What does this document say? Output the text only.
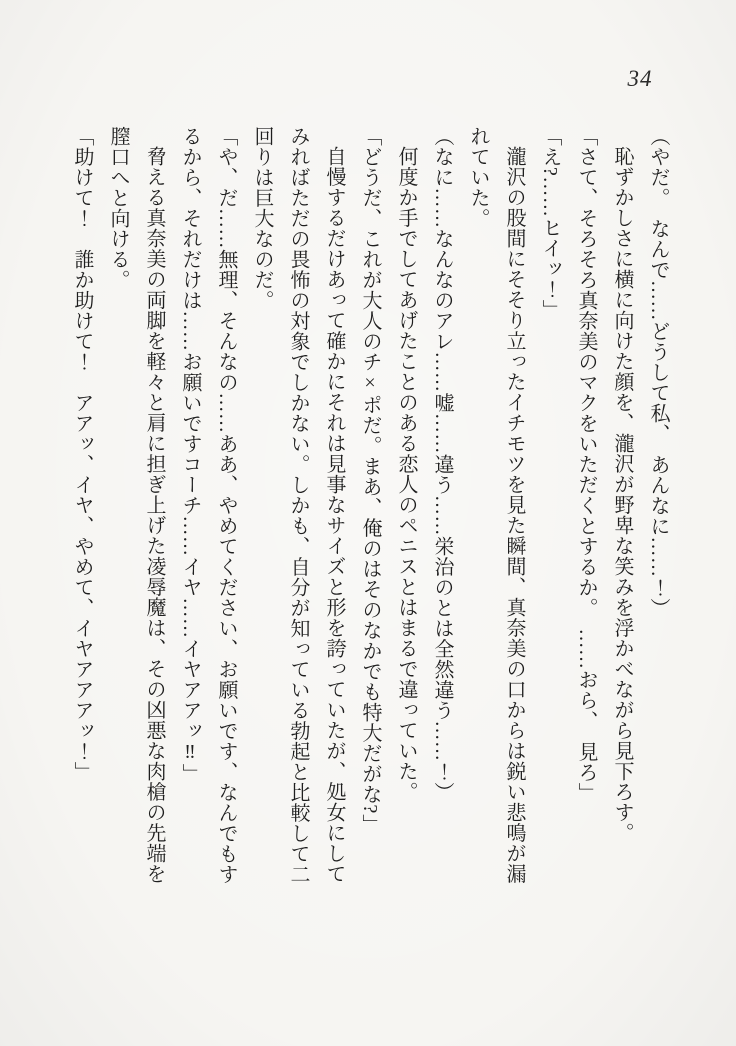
34

（やだ。　なんで……どうして私、　あんなに……！）

恥ずかしさに横に向けた顔を、瀧沢が野卑な笑みを浮かべながら見下ろす。

「さて、そろそろ真奈美のマクをいただくとするか。　……おら、　見ろ」

「え?……ヒイッ！」

瀧沢の股間にそそり立ったイチモツを見た瞬間、真奈美の口からは鋭い悲鳴が漏れていた。

（なに……なんなのアレ……嘘……違う……栄治のとは全然違う……！）

何度か手でしてあげたことのある恋人のペニスとはまるで違っていた。

「どうだ、これが大人のチ×ポだ。まあ、俺のはそのなかでも特大だがな?」

自慢するだけあって確かにそれは見事なサイズと形を誇っていたが、処女にしてみればただの畏怖の対象でしかない。しかも、自分が知っている勃起と比較して二回りは巨大なのだ。

「や、だ……無理、そんなの……ああ、やめてください、お願いです、なんでもするから、それだけは……お願いですコーチ……イヤ……イヤアアッ‼」

脅える真奈美の両脚を軽々と肩に担ぎ上げた凌辱魔は、その凶悪な肉槍の先端を膣口へと向ける。

「助けて！　誰か助けて！　アアッ、イヤ、やめて、イヤアアアッ！」
